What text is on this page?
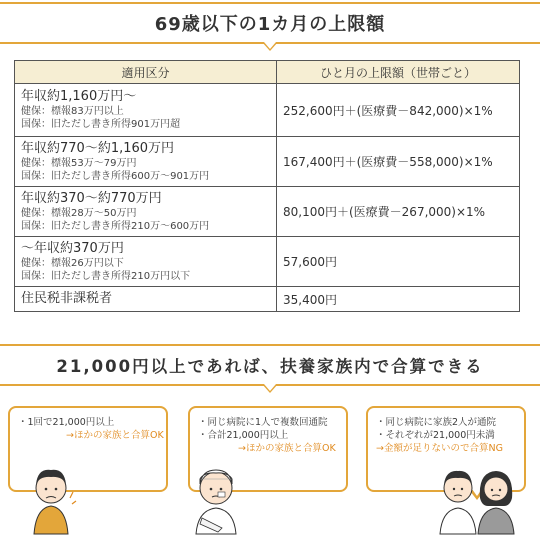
69歳以下の1カ月の上限額
適用区分	ひと月の上限額（世帯ごと）

年収約1,160万円〜
健保：標報83万円以上
国保：旧ただし書き所得901万円超	252,600円＋(医療費－842,000)×1%

年収約770〜約1,160万円
健保：標報53万〜79万円
国保：旧ただし書き所得600万〜901万円	167,400円＋(医療費－558,000)×1%

年収約370〜約770万円
健保：標報28万〜50万円
国保：旧ただし書き所得210万〜600万円	80,100円＋(医療費－267,000)×1%

〜年収約370万円
健保：標報26万円以下
国保：旧ただし書き所得210万円以下	57,600円

住民税非課税者	35,400円
21,000円以上であれば、扶養家族内で合算できる
・1回で21,000円以上
→ほかの家族と合算OK
・同じ病院に1人で複数回通院
・合計21,000円以上
→ほかの家族と合算OK
・同じ病院に家族2人が通院
・それぞれが21,000円未満
→金額が足りないので合算NG
